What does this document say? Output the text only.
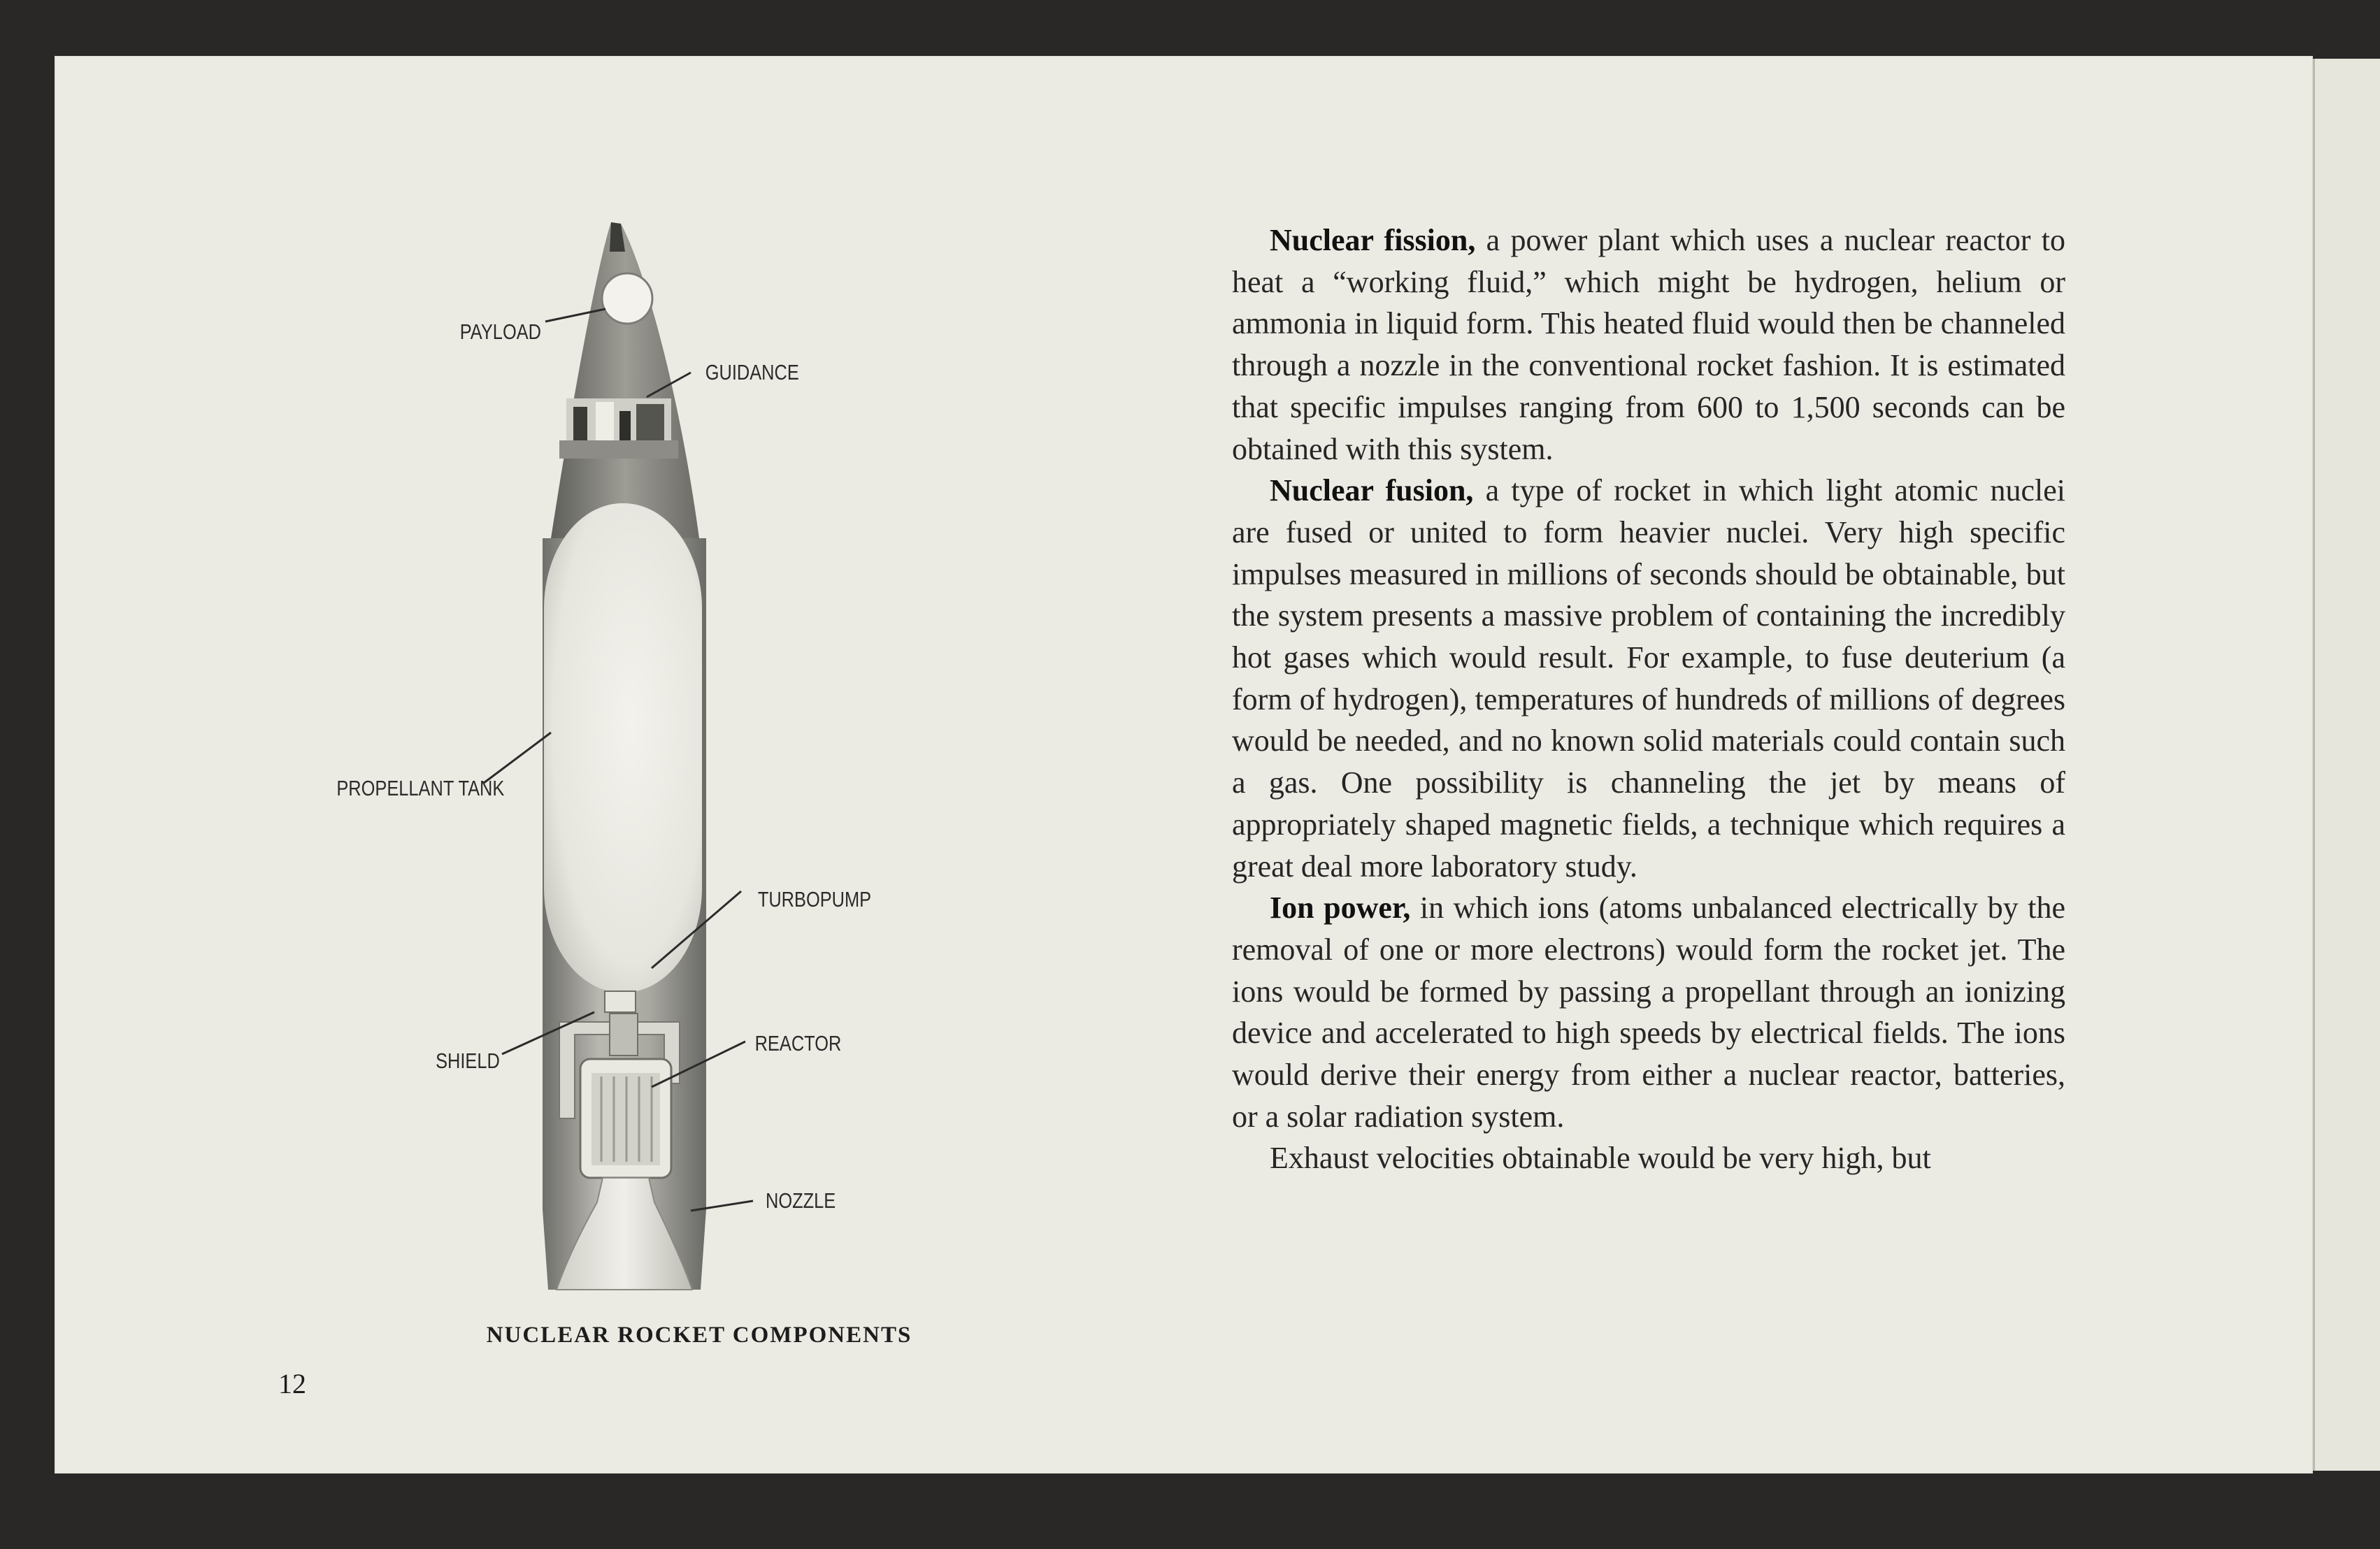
PAYLOAD
GUIDANCE
PROPELLANT TANK
TURBOPUMP
SHIELD
REACTOR
NOZZLE
NUCLEAR ROCKET COMPONENTS
12

Nuclear fission, a power plant which uses a nuclear reactor to heat a “working fluid,” which might be hydrogen, helium or ammonia in liquid form. This heated fluid would then be channeled through a nozzle in the conventional rocket fashion. It is estimated that specific impulses ranging from 600 to 1,500 seconds can be obtained with this system.

Nuclear fusion, a type of rocket in which light atomic nuclei are fused or united to form heavier nuclei. Very high specific impulses measured in millions of seconds should be obtainable, but the system presents a massive problem of containing the incredibly hot gases which would result. For example, to fuse deuterium (a form of hydrogen), temperatures of hundreds of millions of degrees would be needed, and no known solid materials could contain such a gas. One possibility is channeling the jet by means of appropriately shaped magnetic fields, a technique which requires a great deal more laboratory study.

Ion power, in which ions (atoms unbalanced electrically by the removal of one or more electrons) would form the rocket jet. The ions would be formed by passing a propellant through an ionizing device and accelerated to high speeds by electrical fields. The ions would derive their energy from either a nuclear reactor, batteries, or a solar radiation system.

Exhaust velocities obtainable would be very high, but
